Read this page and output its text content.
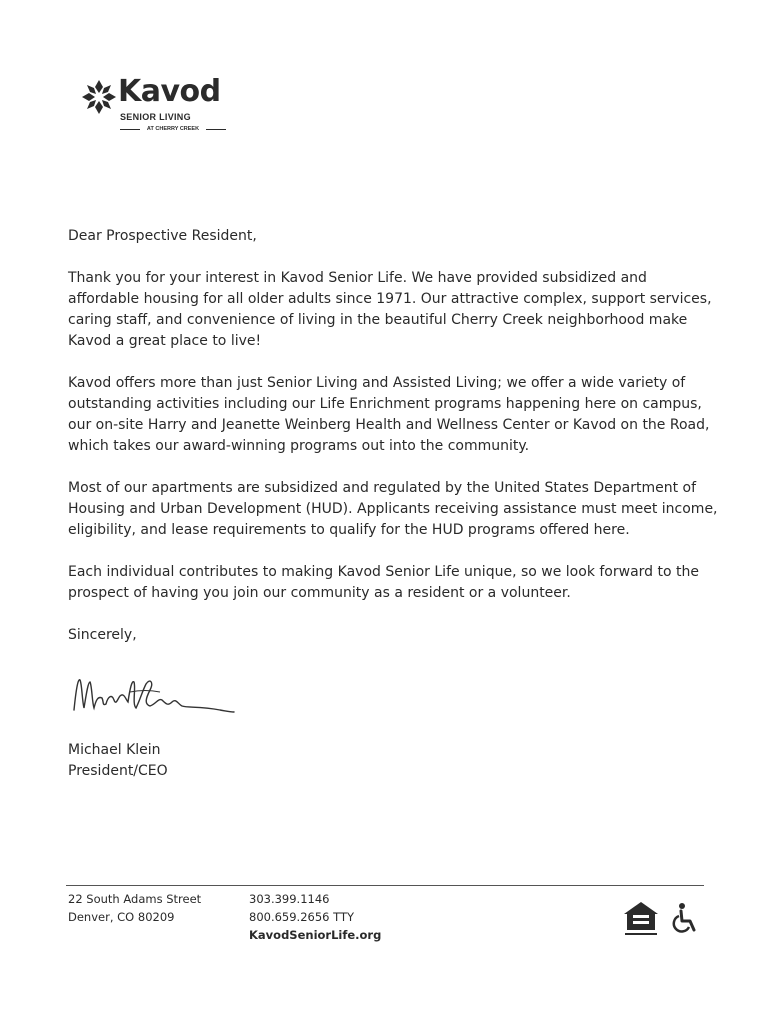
Kavod
SENIOR LIVING
AT CHERRY CREEK

Dear Prospective Resident,

Thank you for your interest in Kavod Senior Life. We have provided subsidized and affordable housing for all older adults since 1971. Our attractive complex, support services, caring staff, and convenience of living in the beautiful Cherry Creek neighborhood make Kavod a great place to live!

Kavod offers more than just Senior Living and Assisted Living; we offer a wide variety of outstanding activities including our Life Enrichment programs happening here on campus, our on-site Harry and Jeanette Weinberg Health and Wellness Center or Kavod on the Road, which takes our award-winning programs out into the community.

Most of our apartments are subsidized and regulated by the United States Department of Housing and Urban Development (HUD). Applicants receiving assistance must meet income, eligibility, and lease requirements to qualify for the HUD programs offered here.

Each individual contributes to making Kavod Senior Life unique, so we look forward to the prospect of having you join our community as a resident or a volunteer.

Sincerely,

Michael Klein
President/CEO
22 South Adams Street
Denver, CO 80209
303.399.1146
800.659.2656 TTY
KavodSeniorLife.org
